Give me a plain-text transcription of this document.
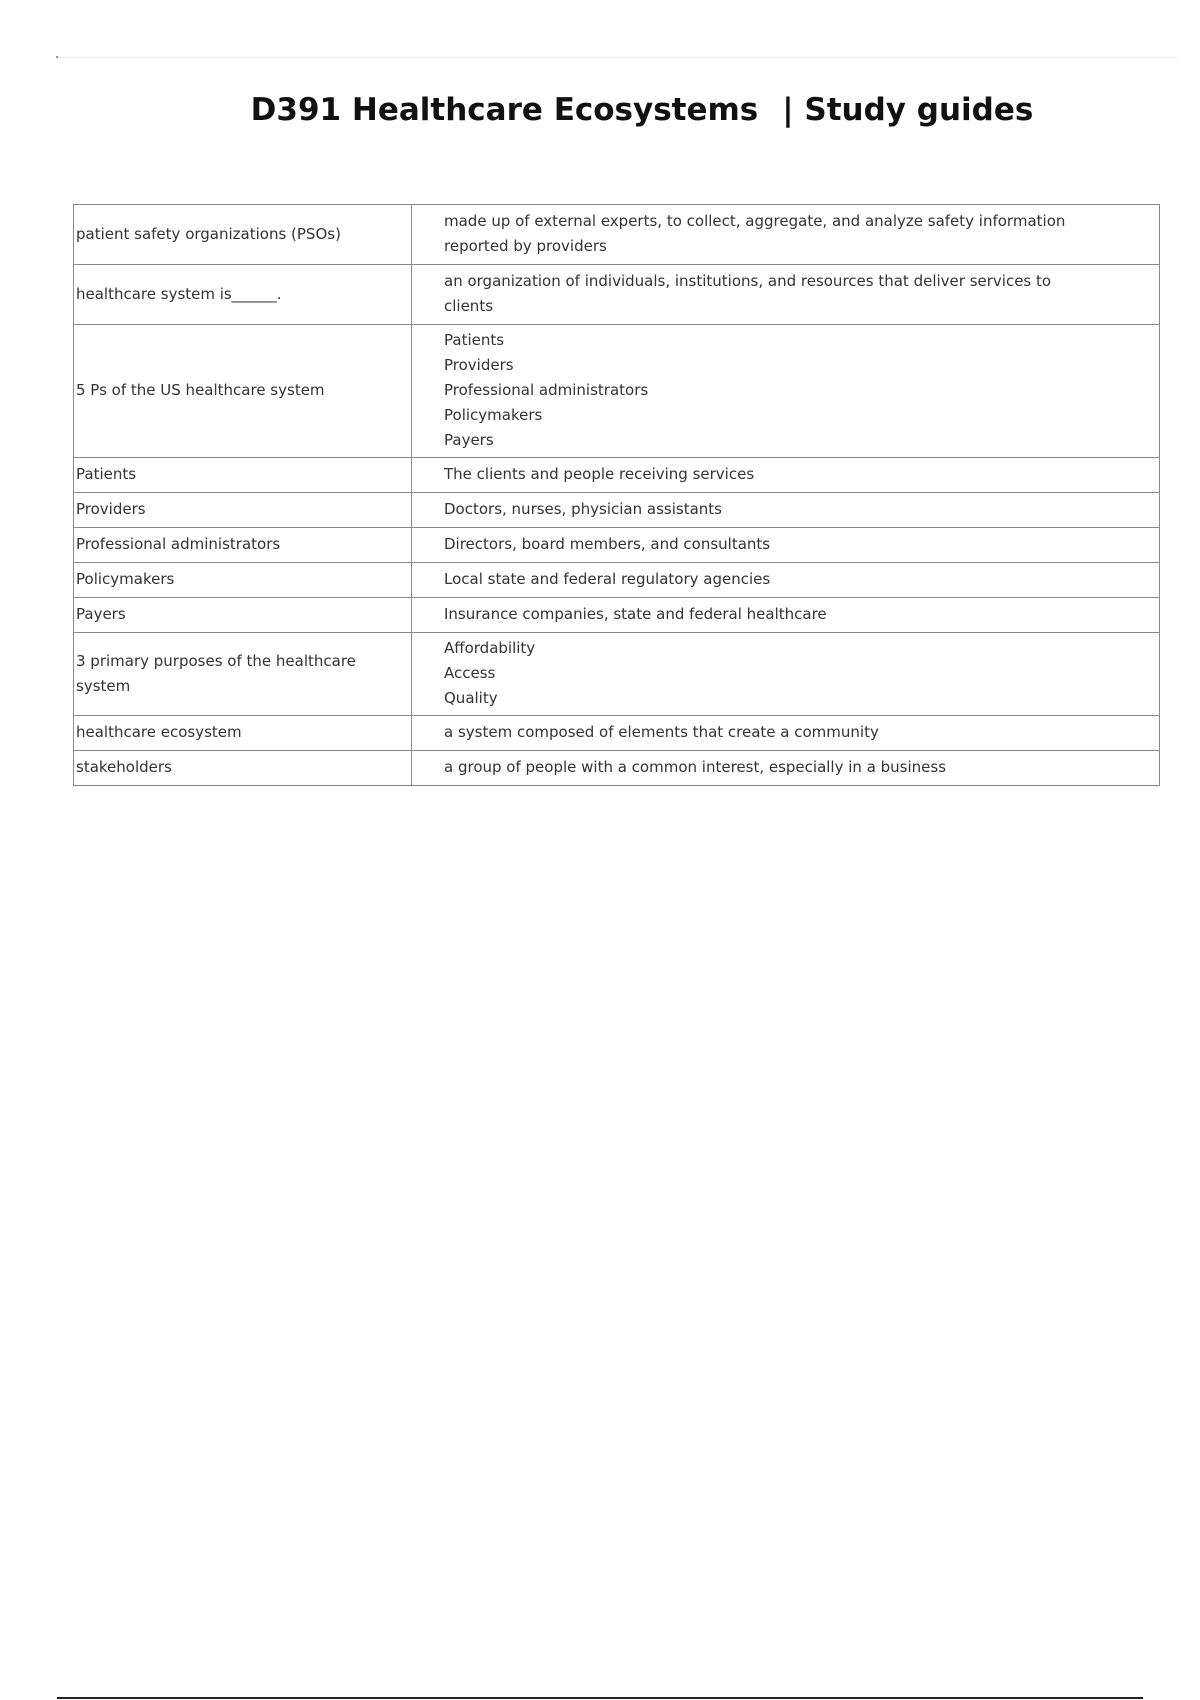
D391 Healthcare Ecosystems | Study guides
patient safety organizations (PSOs)	made up of external experts, to collect, aggregate, and analyze safety information
reported by providers

healthcare system is______.	an organization of individuals, institutions, and resources that deliver services to
clients

5 Ps of the US healthcare system	Patients
Providers
Professional administrators
Policymakers
Payers

Patients	The clients and people receiving services

Providers	Doctors, nurses, physician assistants

Professional administrators	Directors, board members, and consultants

Policymakers	Local state and federal regulatory agencies

Payers	Insurance companies, state and federal healthcare

3 primary purposes of the healthcare system	Affordability
Access
Quality

healthcare ecosystem	a system composed of elements that create a community

stakeholders	a group of people with a common interest, especially in a business
